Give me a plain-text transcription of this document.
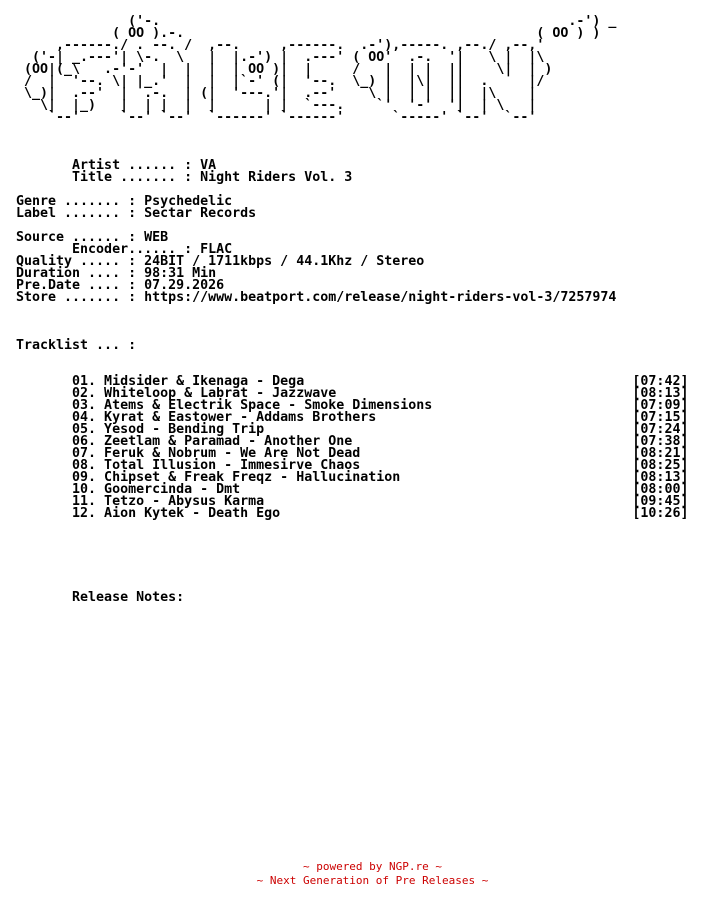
('-.                                                   .-') _
( OO ).-.                                            ( OO ) )
,------./ . --. /  ,--.     ,------.  .-'),-----. ,--./ ,--,'
('-| _.---'| \-.  \   |  |.-') |  .---' ( OO'  .-.  '|   \ |  |\
(OO|(_\   .-'-'  |  |  |  | OO )|  |     /   |  | |  ||    \|  | )
/  |  '--. \| |_.'  |  |  |`-' (|  '--.  \_) |  |\|  ||  .     |/
\_)|  .--'  |  .-.  | (|  '---.'|  .--'    \ |  | |  ||  |\    |
\|  |_)   |  | |  |  |      | |  `---.    `'  '-'  '|  | \   |
`--'     `--' `--'  `------' `------'      `-----' `--'  `--'

Artist ...... : VA
Title ....... : Night Riders Vol. 3

Genre ....... : Psychedelic
Label ....... : Sectar Records

Source ...... : WEB
Encoder...... : FLAC
Quality ..... : 24BIT / 1711kbps / 44.1Khz / Stereo
Duration .... : 98:31 Min
Pre.Date .... : 07.29.2026
Store ....... : https://www.beatport.com/release/night-riders-vol-3/7257974

Tracklist ... :

01. Midsider & Ikenaga - Dega                                         [07:42]
02. Whiteloop & Labrat - Jazzwave                                     [08:13]
03. Atems & Electrik Space - Smoke Dimensions                         [07:09]
04. Kyrat & Eastower - Addams Brothers                                [07:15]
05. Yesod - Bending Trip                                              [07:24]
06. Zeetlam & Paramad - Another One                                   [07:38]
07. Feruk & Nobrum - We Are Not Dead                                  [08:21]
08. Total Illusion - Immesirve Chaos                                  [08:25]
09. Chipset & Freak Freqz - Hallucination                             [08:13]
10. Goomercinda - Dmt                                                 [08:00]
11. Tetzo - Abysus Karma                                              [09:45]
12. Aion Kytek - Death Ego                                            [10:26]

Release Notes:
~ powered by NGP.re ~
~ Next Generation of Pre Releases ~
